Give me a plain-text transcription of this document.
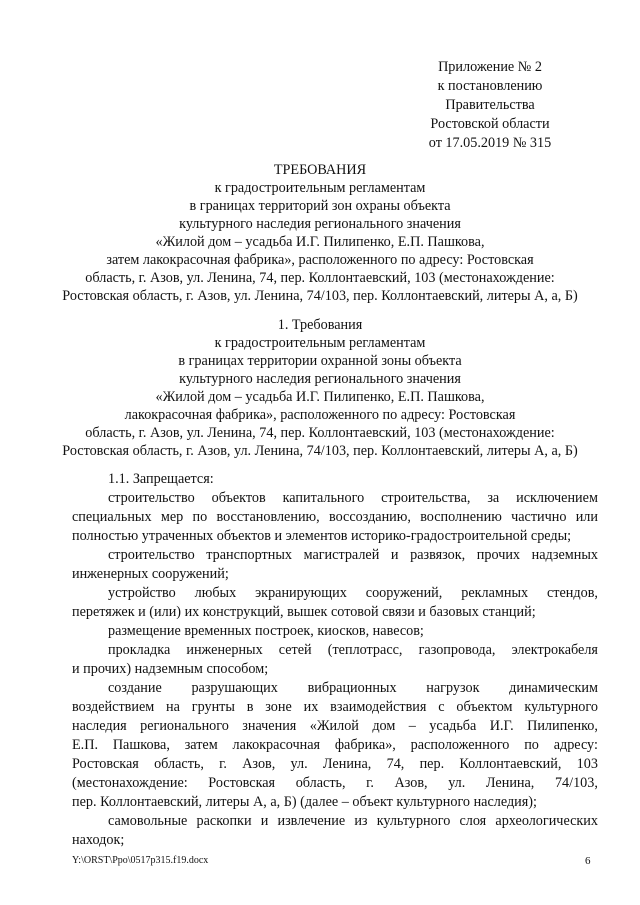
Приложение № 2
к постановлению
Правительства
Ростовской области
от 17.05.2019 № 315
ТРЕБОВАНИЯ
к градостроительным регламентам
в границах территорий зон охраны объекта
культурного наследия регионального значения
«Жилой дом – усадьба И.Г. Пилипенко, Е.П. Пашкова,
затем лакокрасочная фабрика», расположенного по адресу: Ростовская
область, г. Азов, ул. Ленина, 74, пер. Коллонтаевский, 103 (местонахождение:
Ростовская область, г. Азов, ул. Ленина, 74/103, пер. Коллонтаевский, литеры А, а, Б)
1. Требования
к градостроительным регламентам
в границах территории охранной зоны объекта
культурного наследия регионального значения
«Жилой дом – усадьба И.Г. Пилипенко, Е.П. Пашкова,
лакокрасочная фабрика», расположенного по адресу: Ростовская
область, г. Азов, ул. Ленина, 74, пер. Коллонтаевский, 103 (местонахождение:
Ростовская область, г. Азов, ул. Ленина, 74/103, пер. Коллонтаевский, литеры А, а, Б)
1.1. Запрещается:
строительство объектов капитального строительства, за исключением
специальных мер по восстановлению, воссозданию, восполнению частично или
полностью утраченных объектов и элементов историко-градостроительной среды;
строительство транспортных магистралей и развязок, прочих надземных
инженерных сооружений;
устройство любых экранирующих сооружений, рекламных стендов,
перетяжек и (или) их конструкций, вышек сотовой связи и базовых станций;
размещение временных построек, киосков, навесов;
прокладка инженерных сетей (теплотрасс, газопровода, электрокабеля
и прочих) надземным способом;
создание разрушающих вибрационных нагрузок динамическим
воздействием на грунты в зоне их взаимодействия с объектом культурного
наследия регионального значения «Жилой дом – усадьба И.Г. Пилипенко,
Е.П. Пашкова, затем лакокрасочная фабрика», расположенного по адресу:
Ростовская область, г. Азов, ул. Ленина, 74, пер. Коллонтаевский, 103
(местонахождение: Ростовская область, г. Азов, ул. Ленина, 74/103,
пер. Коллонтаевский, литеры А, а, Б) (далее – объект культурного наследия);
самовольные раскопки и извлечение из культурного слоя археологических
находок;
Y:\ORST\Ppo\0517p315.f19.docx	6
